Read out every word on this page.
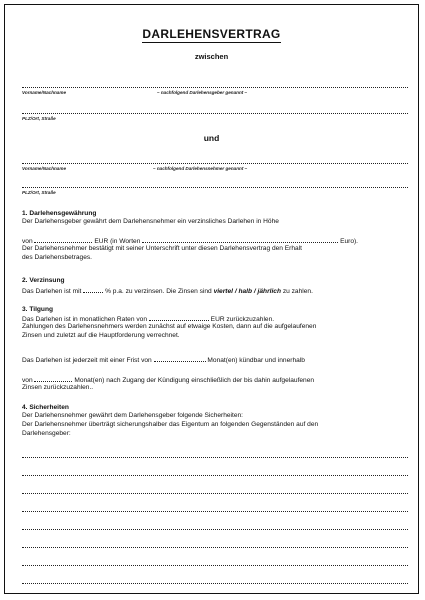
DARLEHENSVERTRAG
zwischen
Vorname/Nachname	– nachfolgend Darlehensgeber genannt –
PLZ/Ort, Straße
und
Vorname/Nachname	– nachfolgend Darlehensnehmer genannt –
PLZ/Ort, Straße
1. Darlehensgewährung
Der Darlehensgeber gewährt dem Darlehensnehmer ein verzinsliches Darlehen in Höhe
von	EUR (in Worten	Euro).
Der Darlehensnehmer bestätigt mit seiner Unterschrift unter diesen Darlehensvertrag den Erhalt
des Darlehensbetrages.
2. Verzinsung
Das Darlehen ist mit	% p.a. zu verzinsen. Die Zinsen sind viertel / halb / jährlich zu zahlen.
3. Tilgung
Das Darlehen ist in monatlichen Raten von	EUR zurückzuzahlen.
Zahlungen des Darlehensnehmers werden zunächst auf etwaige Kosten, dann auf die aufgelaufenen
Zinsen und zuletzt auf die Hauptforderung verrechnet.
Das Darlehen ist jederzeit mit einer Frist von	Monat(en) kündbar und innerhalb
von	Monat(en) nach Zugang der Kündigung einschließlich der bis dahin aufgelaufenen
Zinsen zurückzuzahlen..
4. Sicherheiten
Der Darlehensnehmer gewährt dem Darlehensgeber folgende Sicherheiten:
Der Darlehensnehmer überträgt sicherungshalber das Eigentum an folgenden Gegenständen auf den
Darlehensgeber:
